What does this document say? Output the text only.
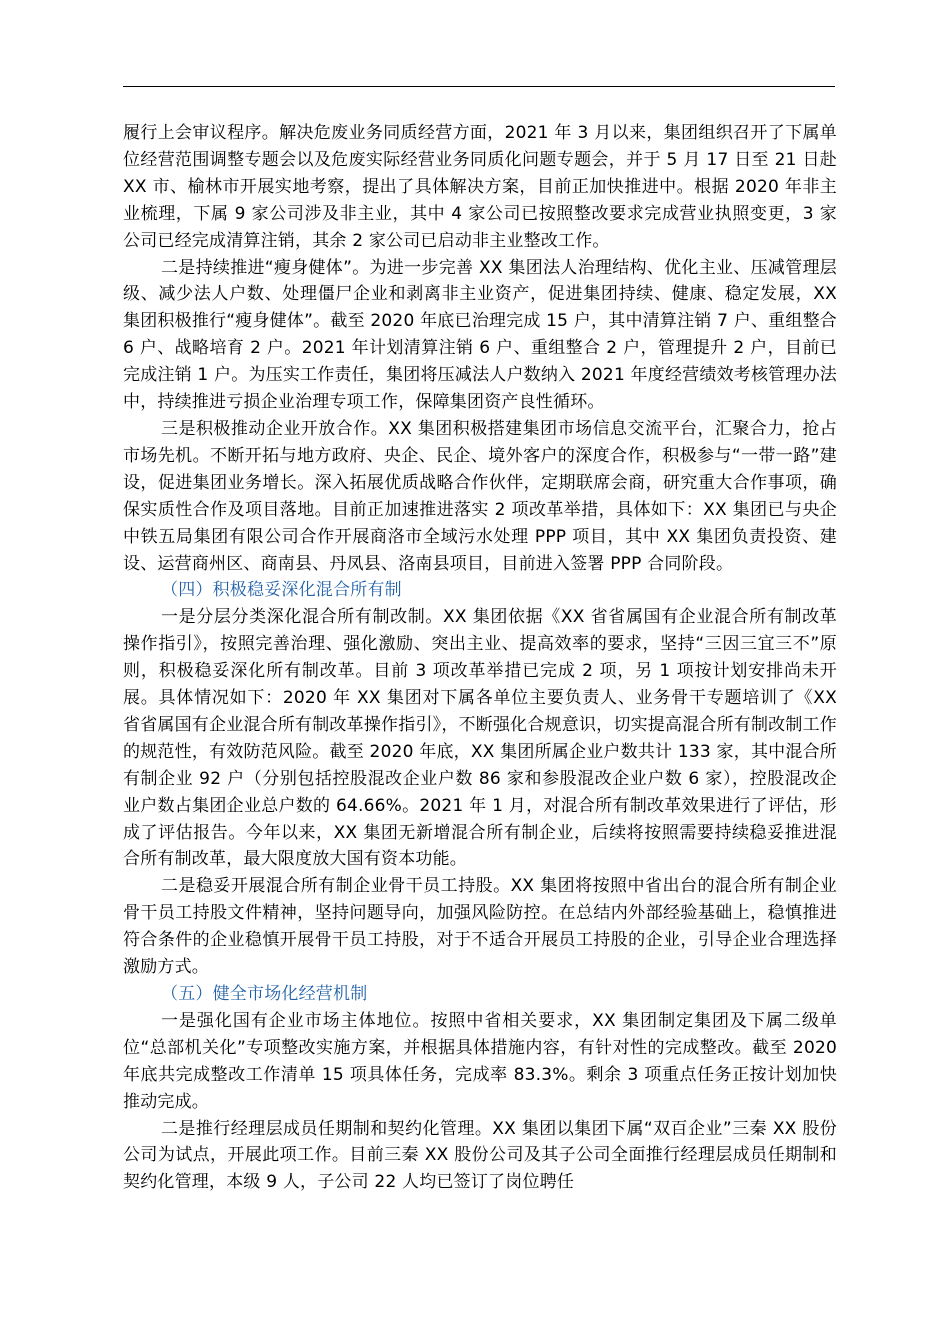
履行上会审议程序。解决危废业务同质经营方面，2021 年 3 月以来，集团组织召开了下属单位经营范围调整专题会以及危废实际经营业务同质化问题专题会，并于 5 月 17 日至 21 日赴 XX 市、榆林市开展实地考察，提出了具体解决方案，目前正加快推进中。根据 2020 年非主业梳理，下属 9 家公司涉及非主业，其中 4 家公司已按照整改要求完成营业执照变更，3 家公司已经完成清算注销，其余 2 家公司已启动非主业整改工作。

二是持续推进“瘦身健体”。为进一步完善 XX 集团法人治理结构、优化主业、压减管理层级、减少法人户数、处理僵尸企业和剥离非主业资产，促进集团持续、健康、稳定发展，XX 集团积极推行“瘦身健体”。截至 2020 年底已治理完成 15 户，其中清算注销 7 户、重组整合 6 户、战略培育 2 户。2021 年计划清算注销 6 户、重组整合 2 户，管理提升 2 户，目前已完成注销 1 户。为压实工作责任，集团将压减法人户数纳入 2021 年度经营绩效考核管理办法中，持续推进亏损企业治理专项工作，保障集团资产良性循环。

三是积极推动企业开放合作。XX 集团积极搭建集团市场信息交流平台，汇聚合力，抢占市场先机。不断开拓与地方政府、央企、民企、境外客户的深度合作，积极参与“一带一路”建设，促进集团业务增长。深入拓展优质战略合作伙伴，定期联席会商，研究重大合作事项，确保实质性合作及项目落地。目前正加速推进落实 2 项改革举措，具体如下：XX 集团已与央企中铁五局集团有限公司合作开展商洛市全域污水处理 PPP 项目，其中 XX 集团负责投资、建设、运营商州区、商南县、丹凤县、洛南县项目，目前进入签署 PPP 合同阶段。

（四）积极稳妥深化混合所有制

一是分层分类深化混合所有制改制。XX 集团依据《XX 省省属国有企业混合所有制改革操作指引》，按照完善治理、强化激励、突出主业、提高效率的要求，坚持“三因三宜三不”原则，积极稳妥深化所有制改革。目前 3 项改革举措已完成 2 项，另 1 项按计划安排尚未开展。具体情况如下：2020 年 XX 集团对下属各单位主要负责人、业务骨干专题培训了《XX 省省属国有企业混合所有制改革操作指引》，不断强化合规意识，切实提高混合所有制改制工作的规范性，有效防范风险。截至 2020 年底，XX 集团所属企业户数共计 133 家，其中混合所有制企业 92 户（分别包括控股混改企业户数 86 家和参股混改企业户数 6 家），控股混改企业户数占集团企业总户数的 64.66%。2021 年 1 月，对混合所有制改革效果进行了评估，形成了评估报告。今年以来，XX 集团无新增混合所有制企业，后续将按照需要持续稳妥推进混合所有制改革，最大限度放大国有资本功能。

二是稳妥开展混合所有制企业骨干员工持股。XX 集团将按照中省出台的混合所有制企业骨干员工持股文件精神，坚持问题导向，加强风险防控。在总结内外部经验基础上，稳慎推进符合条件的企业稳慎开展骨干员工持股，对于不适合开展员工持股的企业，引导企业合理选择激励方式。

（五）健全市场化经营机制

一是强化国有企业市场主体地位。按照中省相关要求，XX 集团制定集团及下属二级单位“总部机关化”专项整改实施方案，并根据具体措施内容，有针对性的完成整改。截至 2020 年底共完成整改工作清单 15 项具体任务，完成率 83.3%。剩余 3 项重点任务正按计划加快推动完成。

二是推行经理层成员任期制和契约化管理。XX 集团以集团下属“双百企业”三秦 XX 股份公司为试点，开展此项工作。目前三秦 XX 股份公司及其子公司全面推行经理层成员任期制和契约化管理，本级 9 人，子公司 22 人均已签订了岗位聘任
